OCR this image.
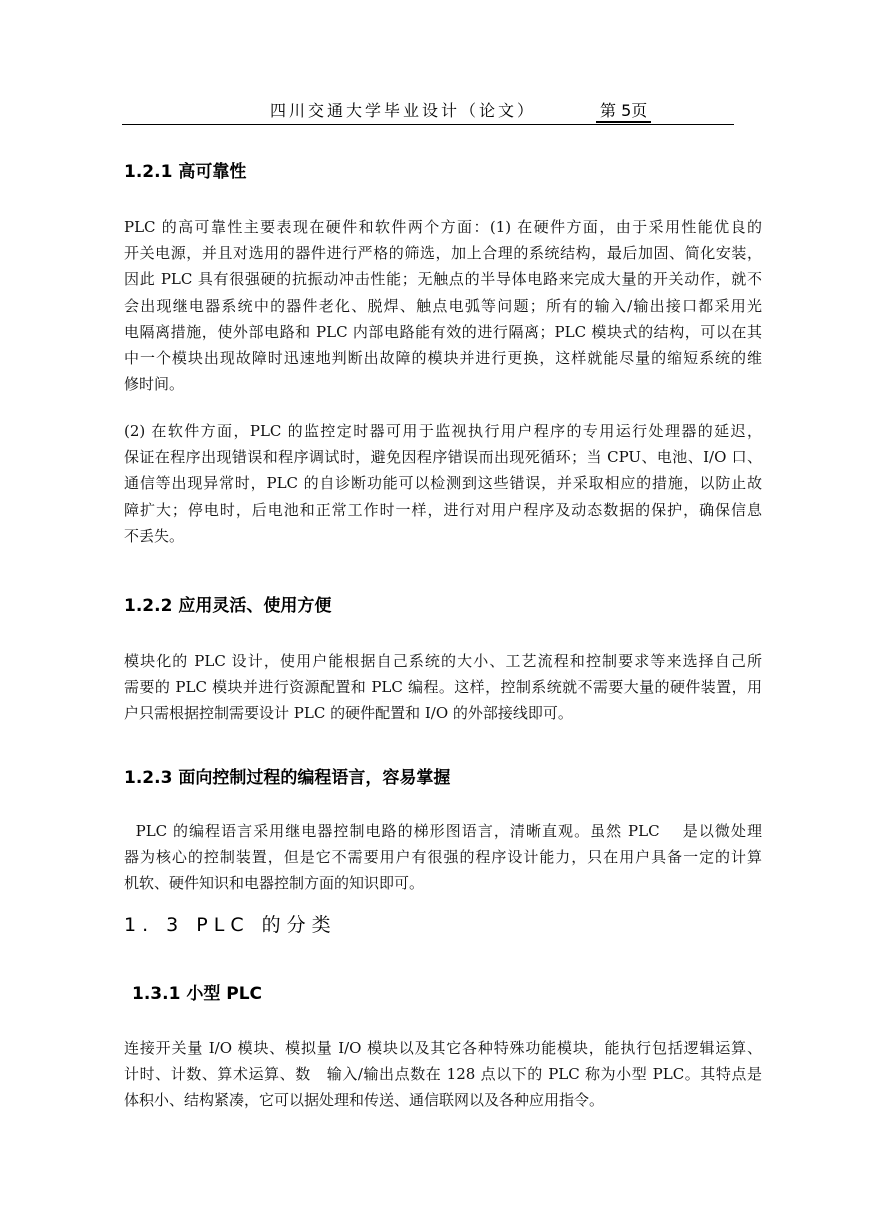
四川交通大学毕业设计（论文）	第 5页
1.2.1 高可靠性
PLC 的高可靠性主要表现在硬件和软件两个方面：(1) 在硬件方面，由于采用性能优良的
开关电源，并且对选用的器件进行严格的筛选，加上合理的系统结构，最后加固、简化安装，
因此 PLC 具有很强硬的抗振动冲击性能；无触点的半导体电路来完成大量的开关动作，就不
会出现继电器系统中的器件老化、脱焊、触点电弧等问题；所有的输入/输出接口都采用光
电隔离措施，使外部电路和 PLC 内部电路能有效的进行隔离；PLC 模块式的结构，可以在其
中一个模块出现故障时迅速地判断出故障的模块并进行更换，这样就能尽量的缩短系统的维
修时间。
(2) 在软件方面，PLC 的监控定时器可用于监视执行用户程序的专用运行处理器的延迟，
保证在程序出现错误和程序调试时，避免因程序错误而出现死循环；当 CPU、电池、I/O 口、
通信等出现异常时，PLC 的自诊断功能可以检测到这些错误，并采取相应的措施，以防止故
障扩大；停电时，后电池和正常工作时一样，进行对用户程序及动态数据的保护，确保信息
不丢失。
1.2.2 应用灵活、使用方便
模块化的 PLC 设计，使用户能根据自己系统的大小、工艺流程和控制要求等来选择自己所
需要的 PLC 模块并进行资源配置和 PLC 编程。这样，控制系统就不需要大量的硬件装置，用
户只需根据控制需要设计 PLC 的硬件配置和 I/O 的外部接线即可。
1.2.3 面向控制过程的编程语言，容易掌握
PLC 的编程语言采用继电器控制电路的梯形图语言，清晰直观。虽然 PLC    是以微处理
器为核心的控制装置，但是它不需要用户有很强的程序设计能力，只在用户具备一定的计算
机软、硬件知识和电器控制方面的知识即可。
1. 3 PLC 的分类
1.3.1 小型 PLC
连接开关量 I/O 模块、模拟量 I/O 模块以及其它各种特殊功能模块，能执行包括逻辑运算、
计时、计数、算术运算、数   输入/输出点数在 128 点以下的 PLC 称为小型 PLC。其特点是
体积小、结构紧凑，它可以据处理和传送、通信联网以及各种应用指令。
